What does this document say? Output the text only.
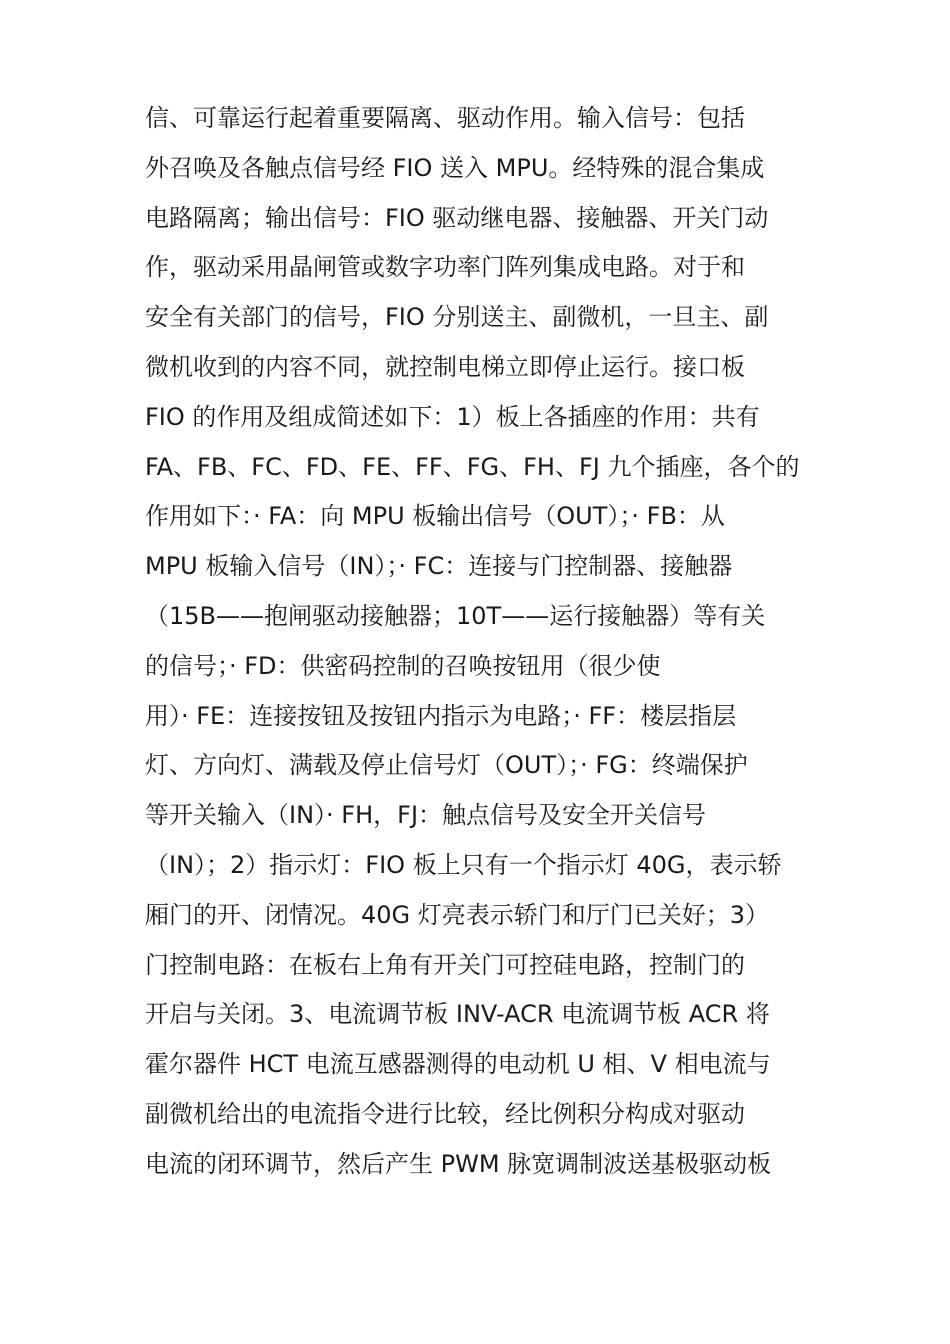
信、可靠运行起着重要隔离、驱动作用。输入信号：包括
外召唤及各触点信号经 FIO 送入 MPU。经特殊的混合集成
电路隔离；输出信号：FIO 驱动继电器、接触器、开关门动
作，驱动采用晶闸管或数字功率门阵列集成电路。对于和
安全有关部门的信号，FIO 分别送主、副微机，一旦主、副
微机收到的内容不同，就控制电梯立即停止运行。接口板
FIO 的作用及组成简述如下：1）板上各插座的作用：共有
FA、FB、FC、FD、FE、FF、FG、FH、FJ 九个插座，各个的
作用如下：· FA：向 MPU 板输出信号（OUT）；· FB：从
MPU 板输入信号（IN）；· FC：连接与门控制器、接触器
（15B——抱闸驱动接触器；10T——运行接触器）等有关
的信号；· FD：供密码控制的召唤按钮用（很少使
用）· FE：连接按钮及按钮内指示为电路；· FF：楼层指层
灯、方向灯、满载及停止信号灯（OUT）；· FG：终端保护
等开关输入（IN）· FH，FJ：触点信号及安全开关信号
（IN）；2）指示灯：FIO 板上只有一个指示灯 40G，表示轿
厢门的开、闭情况。40G 灯亮表示轿门和厅门已关好；3）
门控制电路：在板右上角有开关门可控硅电路，控制门的
开启与关闭。3、电流调节板 INV-ACR 电流调节板 ACR 将
霍尔器件 HCT 电流互感器测得的电动机 U 相、V 相电流与
副微机给出的电流指令进行比较，经比例积分构成对驱动
电流的闭环调节，然后产生 PWM 脉宽调制波送基极驱动板
